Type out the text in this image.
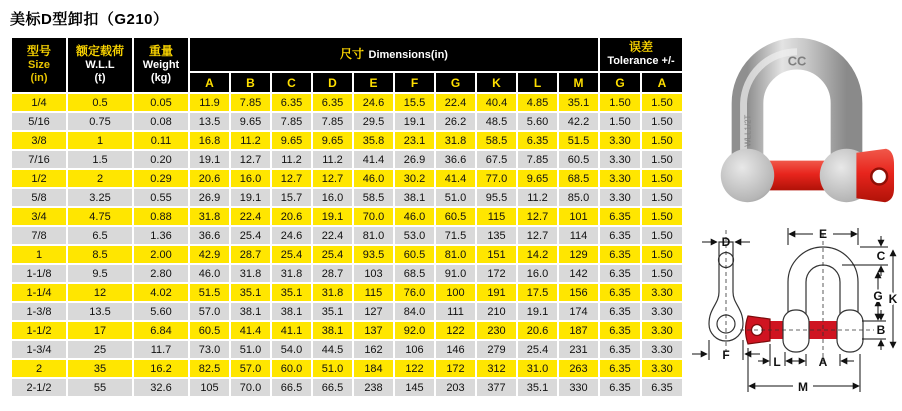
美标D型卸扣（G210）
型号
Size
(in)

额定载荷
W.L.L
(t)

重量
Weight
(kg)
	尺寸 Dimensions(in)	
误差
Tolerance +/-

			A	B	C	D	E	F	G	K	L	M	G	A
1/4	0.5	0.05	11.9	7.85	6.35	6.35	24.6	15.5	22.4	40.4	4.85	35.1	1.50	1.50
5/16	0.75	0.08	13.5	9.65	7.85	7.85	29.5	19.1	26.2	48.5	5.60	42.2	1.50	1.50
3/8	1	0.11	16.8	11.2	9.65	9.65	35.8	23.1	31.8	58.5	6.35	51.5	3.30	1.50
7/16	1.5	0.20	19.1	12.7	11.2	11.2	41.4	26.9	36.6	67.5	7.85	60.5	3.30	1.50
1/2	2	0.29	20.6	16.0	12.7	12.7	46.0	30.2	41.4	77.0	9.65	68.5	3.30	1.50
5/8	3.25	0.55	26.9	19.1	15.7	16.0	58.5	38.1	51.0	95.5	11.2	85.0	3.30	1.50
3/4	4.75	0.88	31.8	22.4	20.6	19.1	70.0	46.0	60.5	115	12.7	101	6.35	1.50
7/8	6.5	1.36	36.6	25.4	24.6	22.4	81.0	53.0	71.5	135	12.7	114	6.35	1.50
1	8.5	2.00	42.9	28.7	25.4	25.4	93.5	60.5	81.0	151	14.2	129	6.35	1.50
1-1/8	9.5	2.80	46.0	31.8	31.8	28.7	103	68.5	91.0	172	16.0	142	6.35	1.50
1-1/4	12	4.02	51.5	35.1	35.1	31.8	115	76.0	100	191	17.5	156	6.35	3.30
1-3/8	13.5	5.60	57.0	38.1	38.1	35.1	127	84.0	111	210	19.1	174	6.35	3.30
1-1/2	17	6.84	60.5	41.4	41.1	38.1	137	92.0	122	230	20.6	187	6.35	3.30
1-3/4	25	11.7	73.0	51.0	54.0	44.5	162	106	146	279	25.4	231	6.35	3.30
2	35	16.2	82.5	57.0	60.0	51.0	184	122	172	312	31.0	263	6.35	3.30
2-1/2	55	32.6	105	70.0	66.5	66.5	238	145	203	377	35.1	330	6.35	6.35
CC
WLL1/2T
D
F
E
C
G K
B
A
L
M
